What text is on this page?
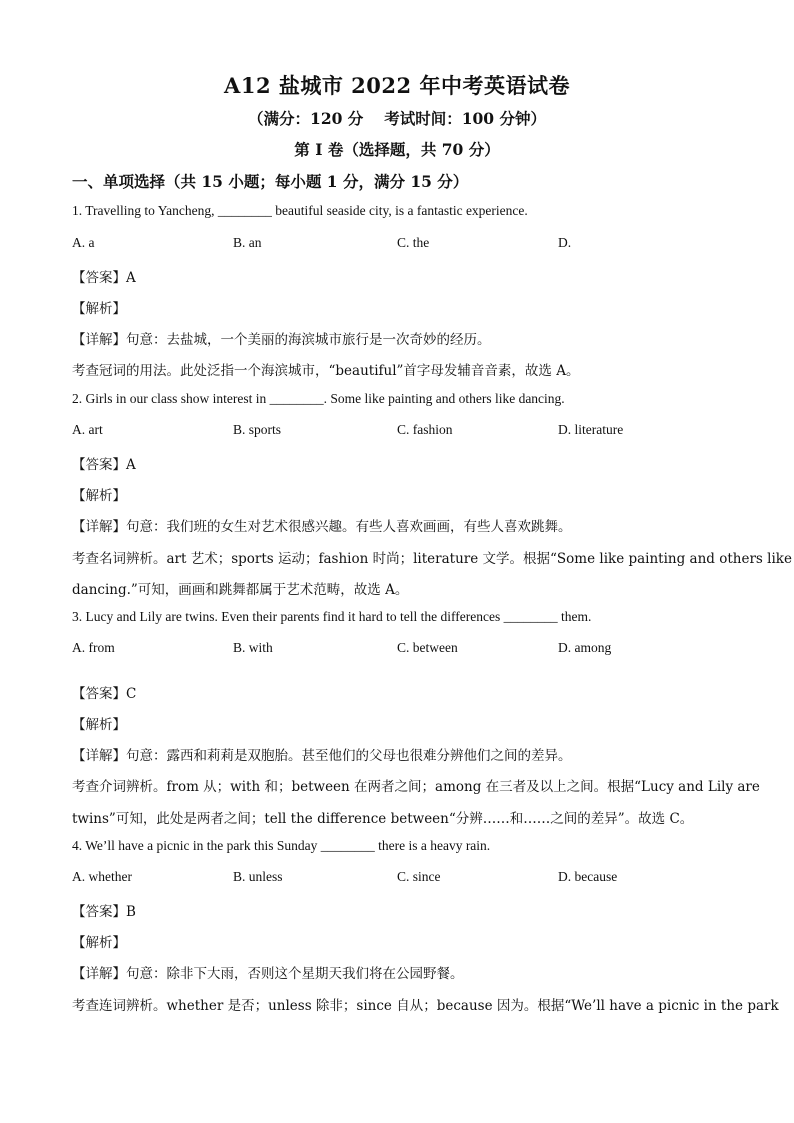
A12 盐城市 2022 年中考英语试卷
（满分：120 分　 考试时间：100 分钟）
第 I 卷（选择题，共 70 分）
一、单项选择（共 15 小题；每小题 1 分，满分 15 分）
1. Travelling to Yancheng, ________ beautiful seaside city, is a fantastic experience.
A. a	B. an	C. the	D.
【答案】A
【解析】
【详解】句意：去盐城，一个美丽的海滨城市旅行是一次奇妙的经历。
考查冠词的用法。此处泛指一个海滨城市，“beautiful”首字母发辅音音素，故选 A。
2. Girls in our class show interest in ________. Some like painting and others like dancing.
A. art	B. sports	C. fashion	D. literature
【答案】A
【解析】
【详解】句意：我们班的女生对艺术很感兴趣。有些人喜欢画画，有些人喜欢跳舞。
考查名词辨析。art 艺术；sports 运动；fashion 时尚；literature 文学。根据“Some like painting and others like
dancing.”可知，画画和跳舞都属于艺术范畴，故选 A。
3. Lucy and Lily are twins. Even their parents find it hard to tell the differences ________ them.
A. from	B. with	C. between	D. among
【答案】C
【解析】
【详解】句意：露西和莉莉是双胞胎。甚至他们的父母也很难分辨他们之间的差异。
考查介词辨析。from 从；with 和；between 在两者之间；among 在三者及以上之间。根据“Lucy and Lily are
twins”可知，此处是两者之间；tell the difference between“分辨……和……之间的差异”。故选 C。
4. We’ll have a picnic in the park this Sunday ________ there is a heavy rain.
A. whether	B. unless	C. since	D. because
【答案】B
【解析】
【详解】句意：除非下大雨，否则这个星期天我们将在公园野餐。
考查连词辨析。whether 是否；unless 除非；since 自从；because 因为。根据“We’ll have a picnic in the park
